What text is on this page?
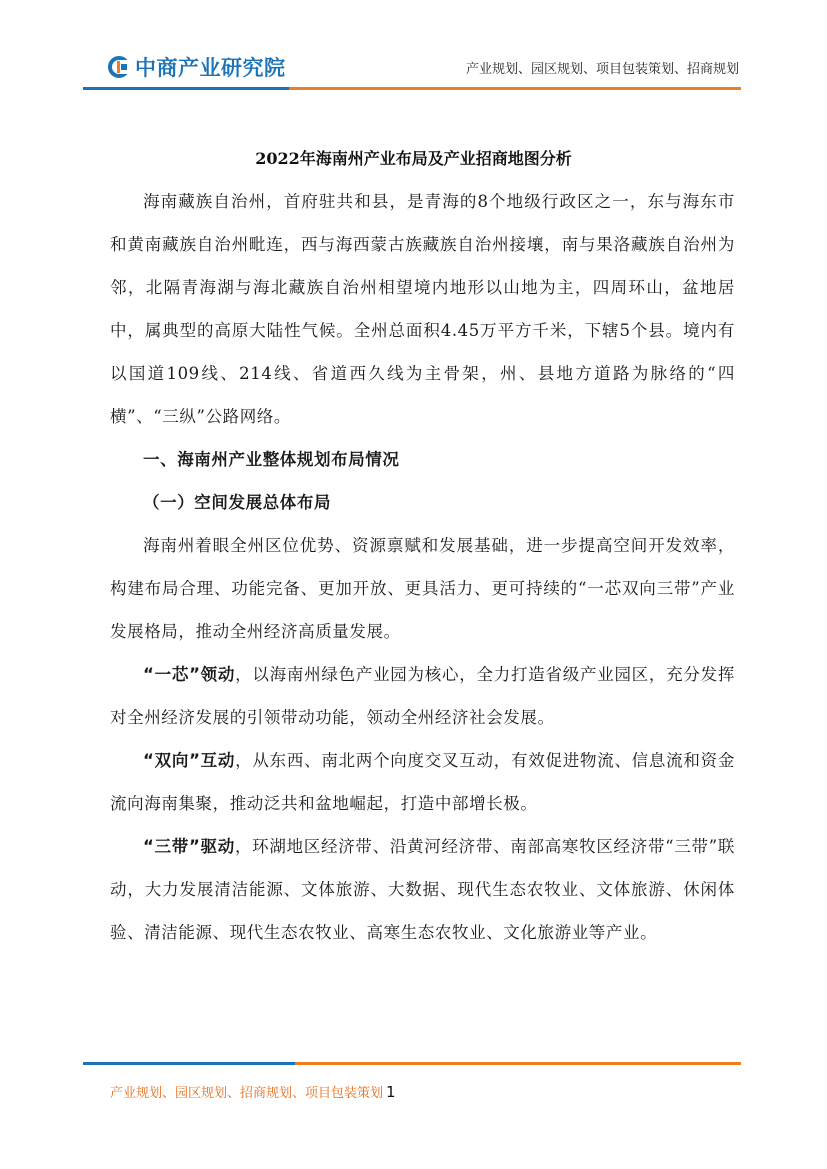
中商产业研究院	产业规划、园区规划、项目包装策划、招商规划
2022年海南州产业布局及产业招商地图分析

海南藏族自治州，首府驻共和县，是青海的8个地级行政区之一，东与海东市和黄南藏族自治州毗连，西与海西蒙古族藏族自治州接壤，南与果洛藏族自治州为邻，北隔青海湖与海北藏族自治州相望境内地形以山地为主，四周环山，盆地居中，属典型的高原大陆性气候。全州总面积4.45万平方千米，下辖5个县。境内有以国道109线、214线、省道西久线为主骨架，州、县地方道路为脉络的“四横”、“三纵”公路网络。

一、海南州产业整体规划布局情况

（一）空间发展总体布局

海南州着眼全州区位优势、资源禀赋和发展基础，进一步提高空间开发效率，构建布局合理、功能完备、更加开放、更具活力、更可持续的“一芯双向三带”产业发展格局，推动全州经济高质量发展。

“一芯”领动，以海南州绿色产业园为核心，全力打造省级产业园区，充分发挥对全州经济发展的引领带动功能，领动全州经济社会发展。

“双向”互动，从东西、南北两个向度交叉互动，有效促进物流、信息流和资金流向海南集聚，推动泛共和盆地崛起，打造中部增长极。

“三带”驱动，环湖地区经济带、沿黄河经济带、南部高寒牧区经济带“三带”联动，大力发展清洁能源、文体旅游、大数据、现代生态农牧业、文体旅游、休闲体验、清洁能源、现代生态农牧业、高寒生态农牧业、文化旅游业等产业。

产业规划、园区规划、招商规划、项目包装策划 1
